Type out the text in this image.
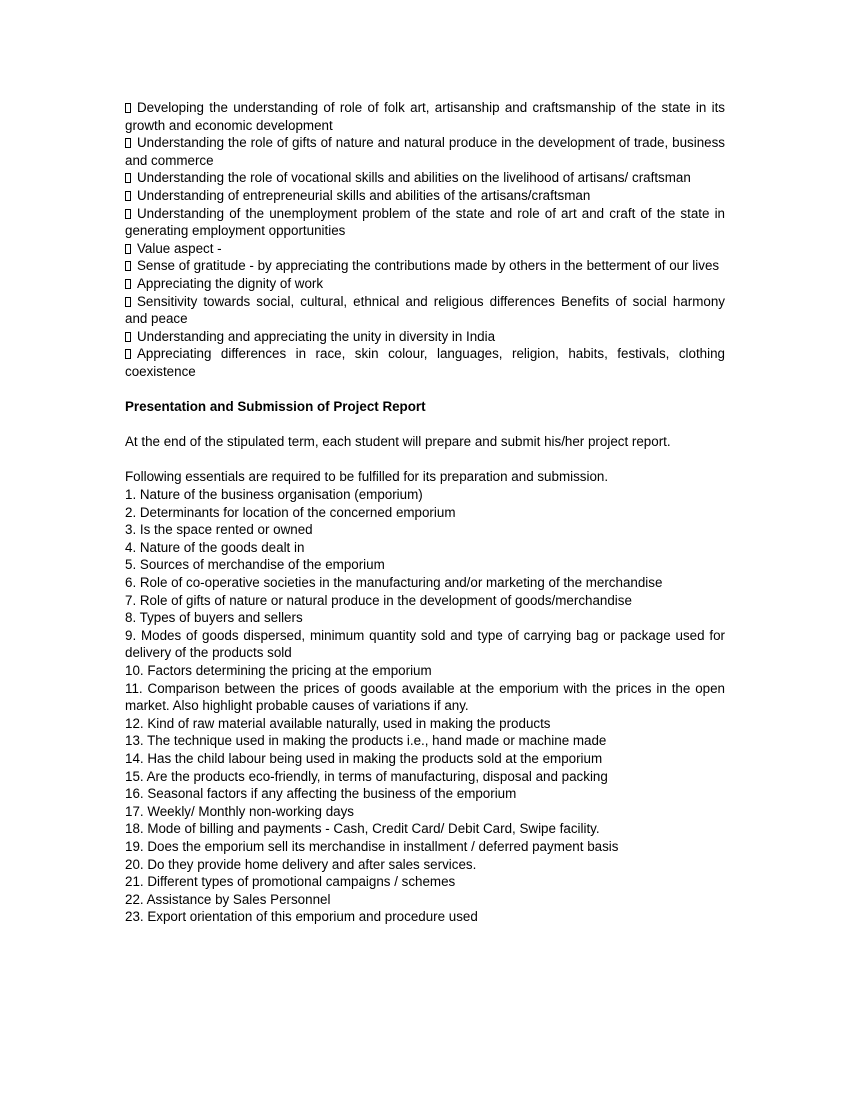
Developing the understanding of role of folk art, artisanship and craftsmanship of the state in its growth and economic development
Understanding the role of gifts of nature and natural produce in the development of trade, business and commerce
Understanding the role of vocational skills and abilities on the livelihood of artisans/ craftsman
Understanding of entrepreneurial skills and abilities of the artisans/craftsman
Understanding of the unemployment problem of the state and role of art and craft of the state in generating employment opportunities
Value aspect -
Sense of gratitude - by appreciating the contributions made by others in the betterment of our lives
Appreciating the dignity of work
Sensitivity towards social, cultural, ethnical and religious differences Benefits of social harmony and peace
Understanding and appreciating the unity in diversity in India
Appreciating differences in race, skin colour, languages, religion, habits, festivals, clothing coexistence
Presentation and Submission of Project Report
At the end of the stipulated term, each student will prepare and submit his/her project report.
Following essentials are required to be fulfilled for its preparation and submission.
1. Nature of the business organisation (emporium)
2. Determinants for location of the concerned emporium
3. Is the space rented or owned
4. Nature of the goods dealt in
5. Sources of merchandise of the emporium
6. Role of co-operative societies in the manufacturing and/or marketing of the merchandise
7. Role of gifts of nature or natural produce in the development of goods/merchandise
8. Types of buyers and sellers
9. Modes of goods dispersed, minimum quantity sold and type of carrying bag or package used for delivery of the products sold
10. Factors determining the pricing at the emporium
11. Comparison between the prices of goods available at the emporium with the prices in the open market. Also highlight probable causes of variations if any.
12. Kind of raw material available naturally, used in making the products
13. The technique used in making the products i.e., hand made or machine made
14. Has the child labour being used in making the products sold at the emporium
15. Are the products eco-friendly, in terms of manufacturing, disposal and packing
16. Seasonal factors if any affecting the business of the emporium
17. Weekly/ Monthly non-working days
18. Mode of billing and payments - Cash, Credit Card/ Debit Card, Swipe facility.
19. Does the emporium sell its merchandise in installment / deferred payment basis
20. Do they provide home delivery and after sales services.
21. Different types of promotional campaigns / schemes
22. Assistance by Sales Personnel
23. Export orientation of this emporium and procedure used
